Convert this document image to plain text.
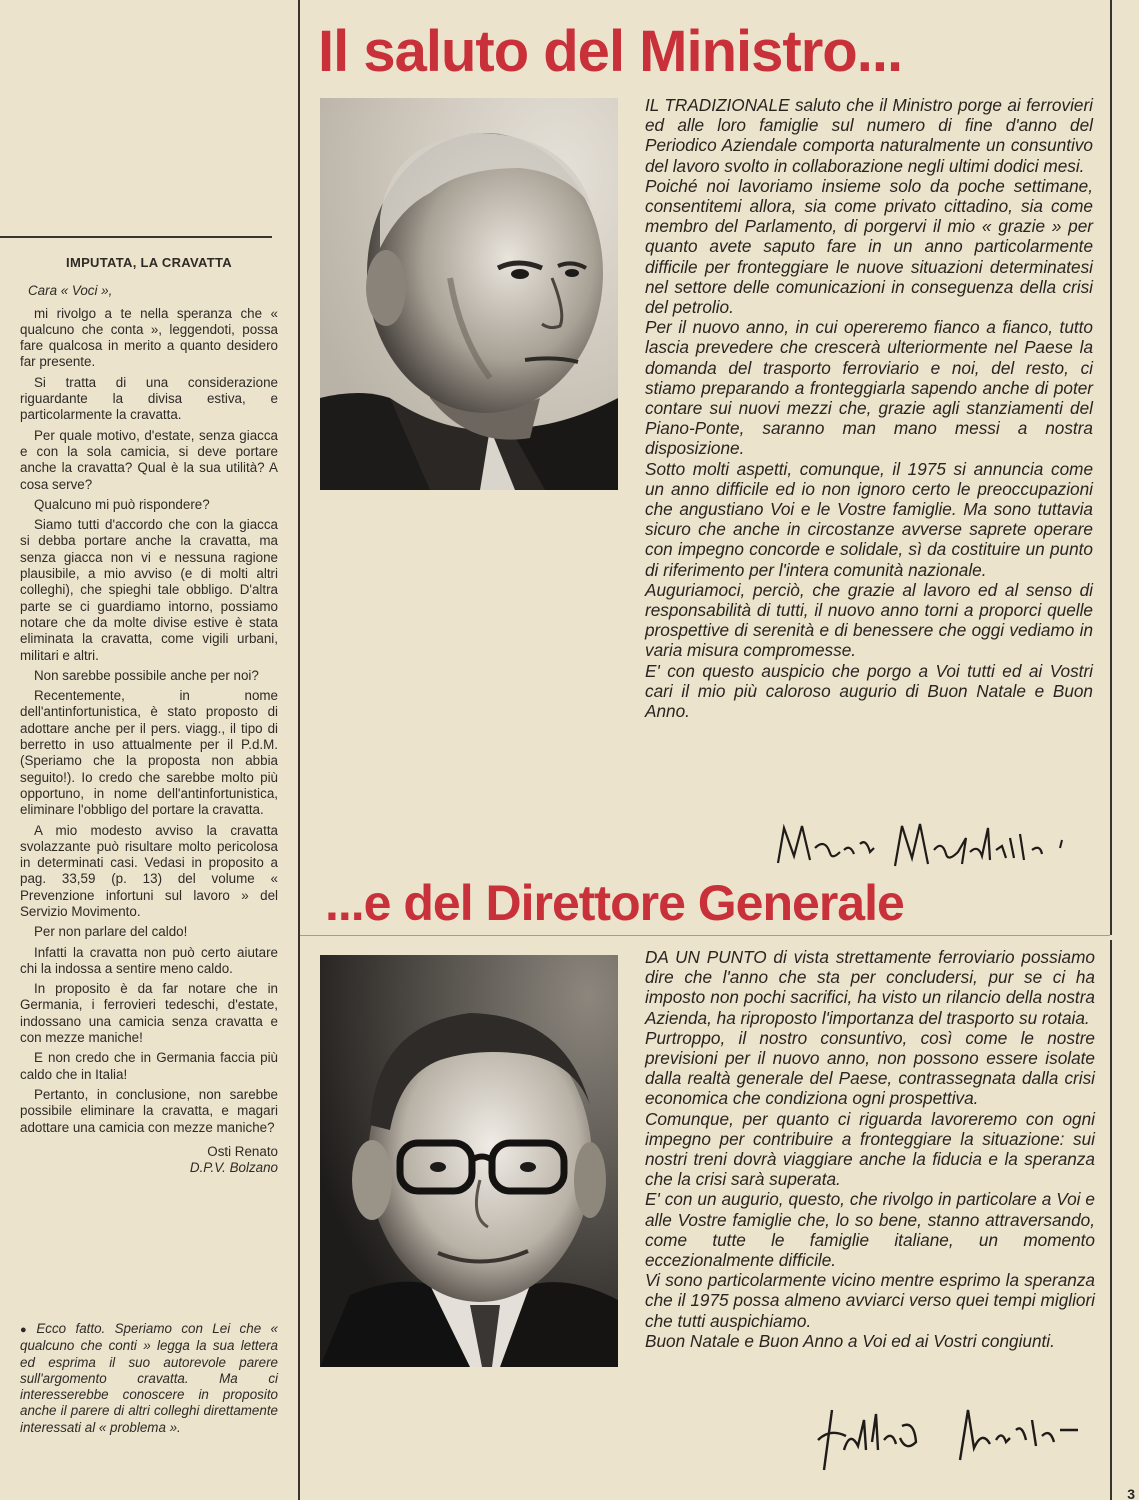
IMPUTATA, LA CRAVATTA

Cara « Voci »,

mi rivolgo a te nella speranza che « qualcuno che conta », leggendoti, possa fare qualcosa in merito a quanto desidero far presente.

Si tratta di una considerazione riguardante la divisa estiva, e particolarmente la cravatta.

Per quale motivo, d'estate, senza giacca e con la sola camicia, si deve portare anche la cravatta? Qual è la sua utilità? A cosa serve?

Qualcuno mi può rispondere?

Siamo tutti d'accordo che con la giacca si debba portare anche la cravatta, ma senza giacca non vi e nessuna ragione plausibile, a mio avviso (e di molti altri colleghi), che spieghi tale obbligo. D'altra parte se ci guardiamo intorno, possiamo notare che da molte divise estive è stata eliminata la cravatta, come vigili urbani, militari e altri.

Non sarebbe possibile anche per noi?

Recentemente, in nome dell'antinfortunistica, è stato proposto di adottare anche per il pers. viagg., il tipo di berretto in uso attualmente per il P.d.M. (Speriamo che la proposta non abbia seguito!). Io credo che sarebbe molto più opportuno, in nome dell'antinfortunistica, eliminare l'obbligo del portare la cravatta.

A mio modesto avviso la cravatta svolazzante può risultare molto pericolosa in determinati casi. Vedasi in proposito a pag. 33,59 (p. 13) del volume « Prevenzione infortuni sul lavoro » del Servizio Movimento.

Per non parlare del caldo!

Infatti la cravatta non può certo aiutare chi la indossa a sentire meno caldo.

In proposito è da far notare che in Germania, i ferrovieri tedeschi, d'estate, indossano una camicia senza cravatta e con mezze maniche!

E non credo che in Germania faccia più caldo che in Italia!

Pertanto, in conclusione, non sarebbe possibile eliminare la cravatta, e magari adottare una camicia con mezze maniche?

Osti Renato
D.P.V. Bolzano
● Ecco fatto. Speriamo con Lei che « qualcuno che conti » legga la sua lettera ed esprima il suo autorevole parere sull'argomento cravatta. Ma ci interesserebbe conoscere in proposito anche il parere di altri colleghi direttamente interessati al « problema ».
Il saluto del Ministro...

IL TRADIZIONALE saluto che il Ministro porge ai ferrovieri ed alle loro famiglie sul numero di fine d'anno del Periodico Aziendale comporta naturalmente un consuntivo del lavoro svolto in collaborazione negli ultimi dodici mesi.

Poiché noi lavoriamo insieme solo da poche settimane, consentitemi allora, sia come privato cittadino, sia come membro del Parlamento, di porgervi il mio « grazie » per quanto avete saputo fare in un anno particolarmente difficile per fronteggiare le nuove situazioni determinatesi nel settore delle comunicazioni in conseguenza della crisi del petrolio.

Per il nuovo anno, in cui opereremo fianco a fianco, tutto lascia prevedere che crescerà ulteriormente nel Paese la domanda del trasporto ferroviario e noi, del resto, ci stiamo preparando a fronteggiarla sapendo anche di poter contare sui nuovi mezzi che, grazie agli stanziamenti del Piano-Ponte, saranno man mano messi a nostra disposizione.

Sotto molti aspetti, comunque, il 1975 si annuncia come un anno difficile ed io non ignoro certo le preoccupazioni che angustiano Voi e le Vostre famiglie. Ma sono tuttavia sicuro che anche in circostanze avverse saprete operare con impegno concorde e solidale, sì da costituire un punto di riferimento per l'intera comunità nazionale.

Auguriamoci, perciò, che grazie al lavoro ed al senso di responsabilità di tutti, il nuovo anno torni a proporci quelle prospettive di serenità e di benessere che oggi vediamo in varia misura compromesse.

E' con questo auspicio che porgo a Voi tutti ed ai Vostri cari il mio più caloroso augurio di Buon Natale e Buon Anno.

...e del Direttore Generale

DA UN PUNTO di vista strettamente ferroviario possiamo dire che l'anno che sta per concludersi, pur se ci ha imposto non pochi sacrifici, ha visto un rilancio della nostra Azienda, ha riproposto l'importanza del trasporto su rotaia.

Purtroppo, il nostro consuntivo, così come le nostre previsioni per il nuovo anno, non possono essere isolate dalla realtà generale del Paese, contrassegnata dalla crisi economica che condiziona ogni prospettiva.

Comunque, per quanto ci riguarda lavoreremo con ogni impegno per contribuire a fronteggiare la situazione: sui nostri treni dovrà viaggiare anche la fiducia e la speranza che la crisi sarà superata.

E' con un augurio, questo, che rivolgo in particolare a Voi e alle Vostre famiglie che, lo so bene, stanno attraversando, come tutte le famiglie italiane, un momento eccezionalmente difficile.

Vi sono particolarmente vicino mentre esprimo la speranza che il 1975 possa almeno avviarci verso quei tempi migliori che tutti auspichiamo.

Buon Natale e Buon Anno a Voi ed ai Vostri congiunti.

3
